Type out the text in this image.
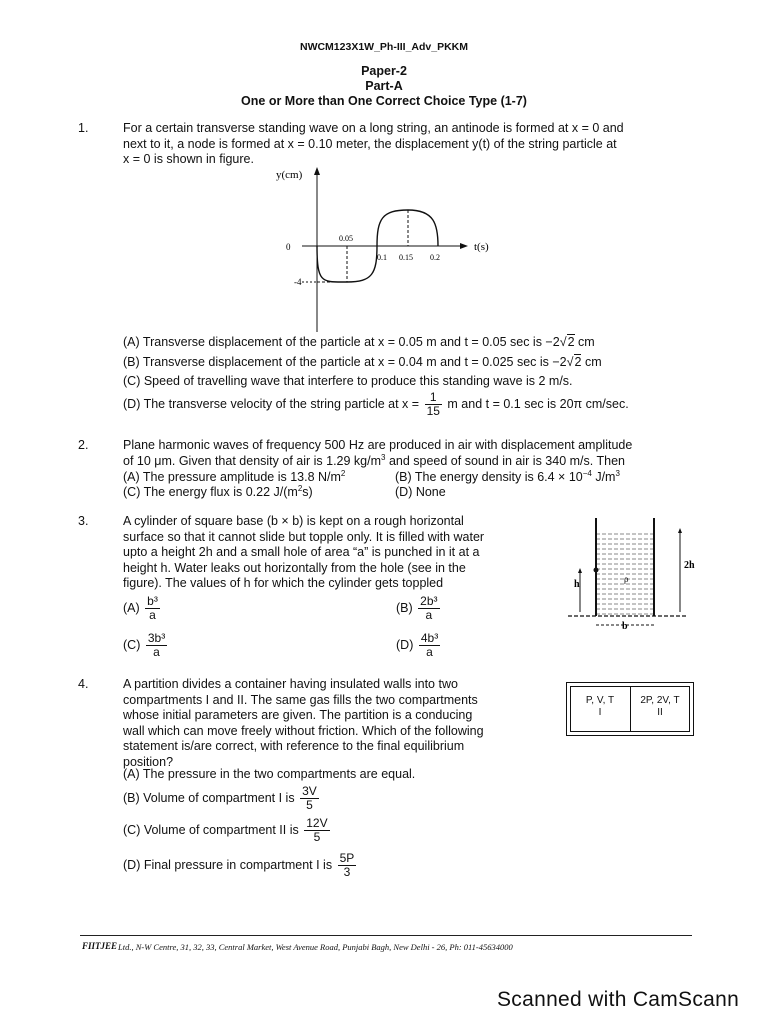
NWCM123X1W_Ph-III_Adv_PKKM
Paper-2
Part-A
One or More than One Correct Choice Type (1-7)
1.	For a certain transverse standing wave on a long string, an antinode is formed at x = 0 and
next to it, a node is formed at x = 0.10 meter, the displacement y(t) of the string particle at
x = 0 is shown in figure.
y(cm)
t(s)
0
-4
0.05
0.1 0.15 0.2
(A) Transverse displacement of the particle at x = 0.05 m and t = 0.05 sec is −2√2 cm
(B) Transverse displacement of the particle at x = 0.04 m and t = 0.025 sec is −2√2 cm
(C) Speed of travelling wave that interfere to produce this standing wave is 2 m/s.
(D) The transverse velocity of the string particle at $x = \frac{1}{15}$ m and t = 0.1 sec is 20π cm/sec.
2.	Plane harmonic waves of frequency 500 Hz are produced in air with displacement amplitude
of 10 μm. Given that density of air is 1.29 $kg/m^3$ and speed of sound in air is 340 m/s. Then
(A) The pressure amplitude is 13.8 $N/m^2$	(B) The energy density is $6.4 \times 10^{-4}$ $J/m^3$
(C) The energy flux is 0.22 $J/(m^2s)$	(D) None
3.	A cylinder of square base (b × b) is kept on a rough horizontal
surface so that it cannot slide but topple only. It is filled with water
upto a height 2h and a small hole of area “a” is punched in it at a
height h. Water leaks out horizontally from the hole (see in the
figure). The values of h for which the cylinder gets toppled
$(A) \frac{\text{b³}}{a}$	$(B) \frac{\text{2b³}}{a}$
$(C) \frac{\text{3b³}}{a}$	$(D) \frac{\text{4b³}}{a}$
h
2h
b
ρ
4.	A partition divides a container having insulated walls into two
compartments I and II. The same gas fills the two compartments
whose initial parameters are given. The partition is a conducing
wall which can move freely without friction. Which of the following
statement is/are correct, with reference to the final equilibrium
position?
P, V, T
I
2P, 2V, T
II
(A) The pressure in the two compartments are equal.
(B) Volume of compartment I is $\frac{3V}{5}$
(C) Volume of compartment II is $\frac{12V}{5}$
(D) Final pressure in compartment I is $\frac{5P}{3}$
FIITJEE Ltd., N-W Centre, 31, 32, 33, Central Market, West Avenue Road, Punjabi Bagh, New Delhi - 26, Ph: 011-45634000
Scanned with CamScann
